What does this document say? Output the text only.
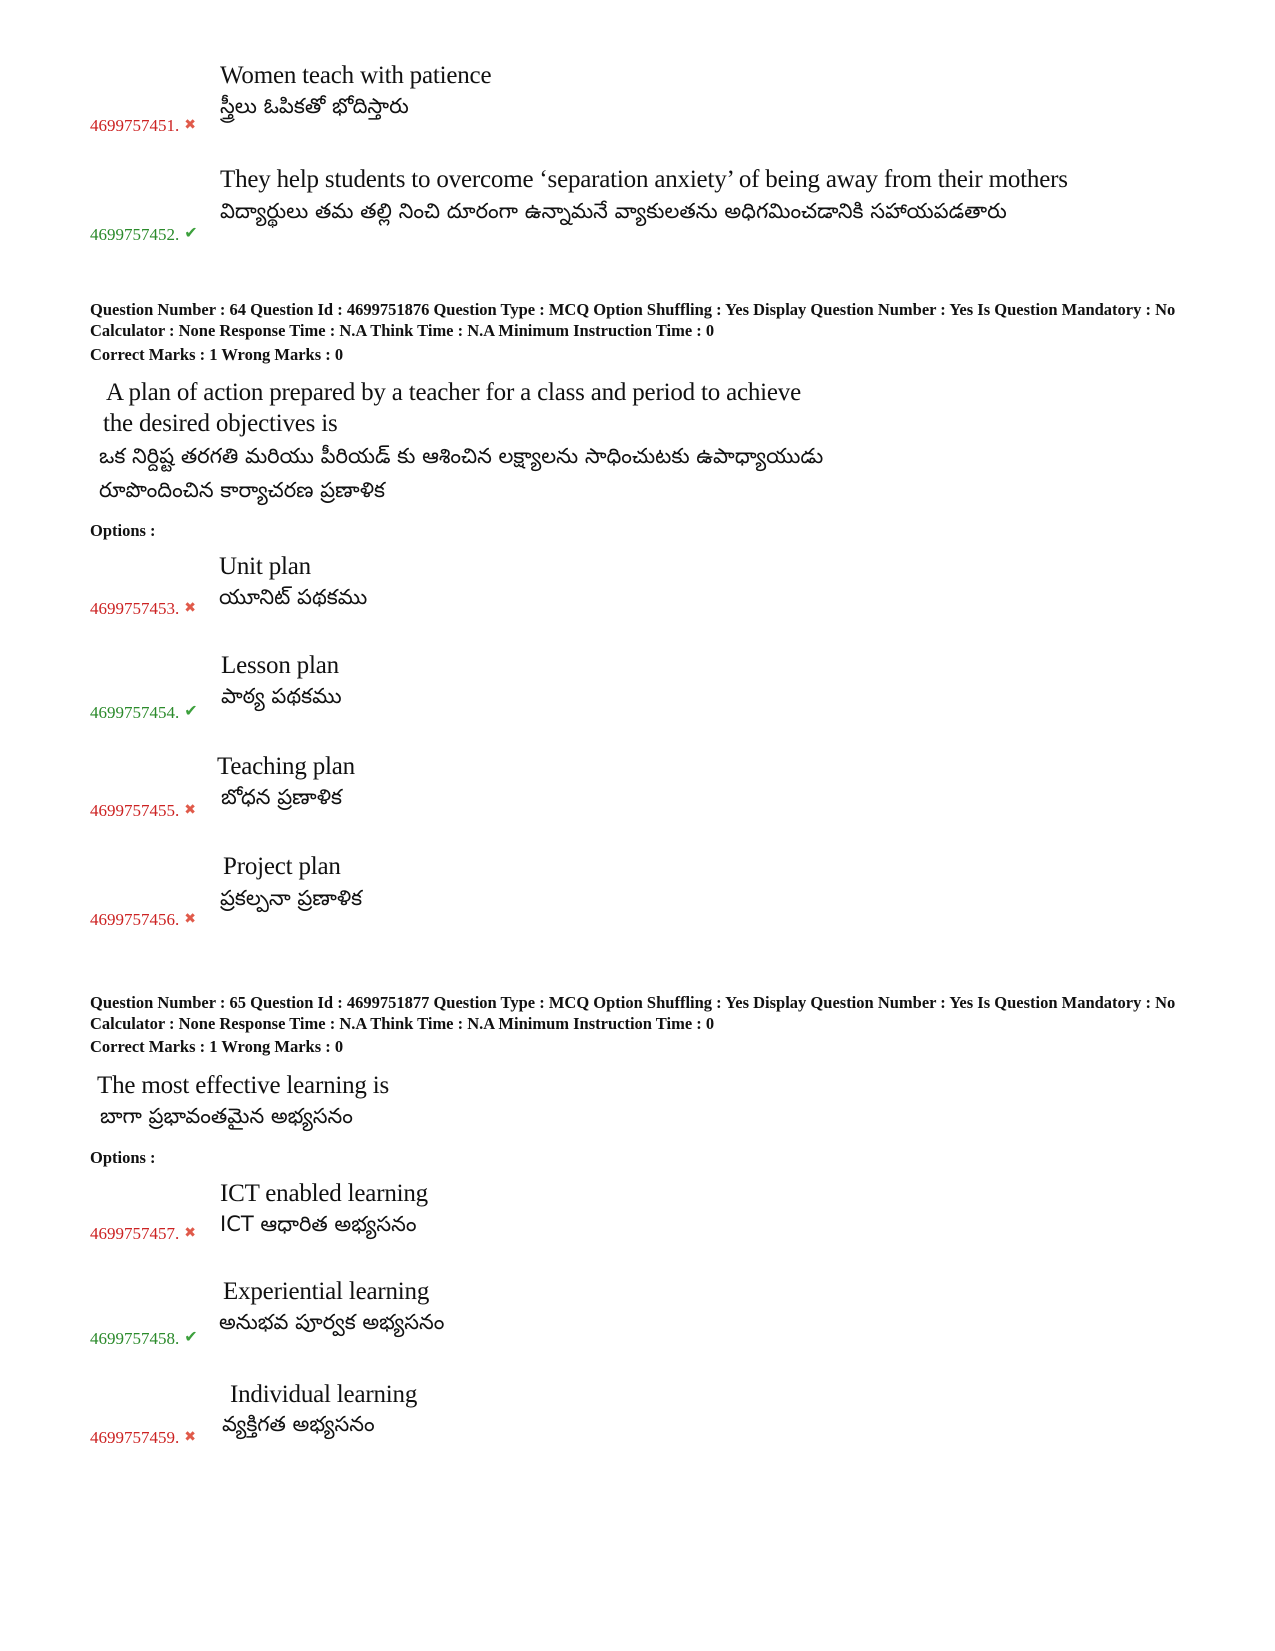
Women teach with patience
స్త్రీలు ఓపికతో భోదిస్తారు
4699757451. ✖
They help students to overcome ‘separation anxiety’ of being away from their mothers
విద్యార్థులు తమ తల్లి నించి దూరంగా ఉన్నామనే వ్యాకులతను అధిగమించడానికి సహాయపడతారు
4699757452. ✔
Question Number : 64 Question Id : 4699751876 Question Type : MCQ Option Shuffling : Yes Display Question Number : Yes Is Question Mandatory : No Calculator : None Response Time : N.A Think Time : N.A Minimum Instruction Time : 0
Correct Marks : 1 Wrong Marks : 0
A plan of action prepared by a teacher for a class and period to achieve
the desired objectives is
ఒక నిర్దిష్ట తరగతి మరియు పీరియడ్ కు ఆశించిన లక్ష్యాలను సాధించుటకు ఉపాధ్యాయుడు
రూపొందించిన కార్యాచరణ ప్రణాళిక
Options :
Unit plan
యూనిట్ పథకము
4699757453. ✖
Lesson plan
పాఠ్య పథకము
4699757454. ✔
Teaching plan
బోధన ప్రణాళిక
4699757455. ✖
Project plan
ప్రకల్పనా ప్రణాళిక
4699757456. ✖
Question Number : 65 Question Id : 4699751877 Question Type : MCQ Option Shuffling : Yes Display Question Number : Yes Is Question Mandatory : No Calculator : None Response Time : N.A Think Time : N.A Minimum Instruction Time : 0
Correct Marks : 1 Wrong Marks : 0
The most effective learning is
బాగా ప్రభావంతమైన అభ్యసనం
Options :
ICT enabled learning
ICT ఆధారిత అభ్యసనం
4699757457. ✖
Experiential learning
అనుభవ పూర్వక అభ్యసనం
4699757458. ✔
Individual learning
వ్యక్తిగత అభ్యసనం
4699757459. ✖
